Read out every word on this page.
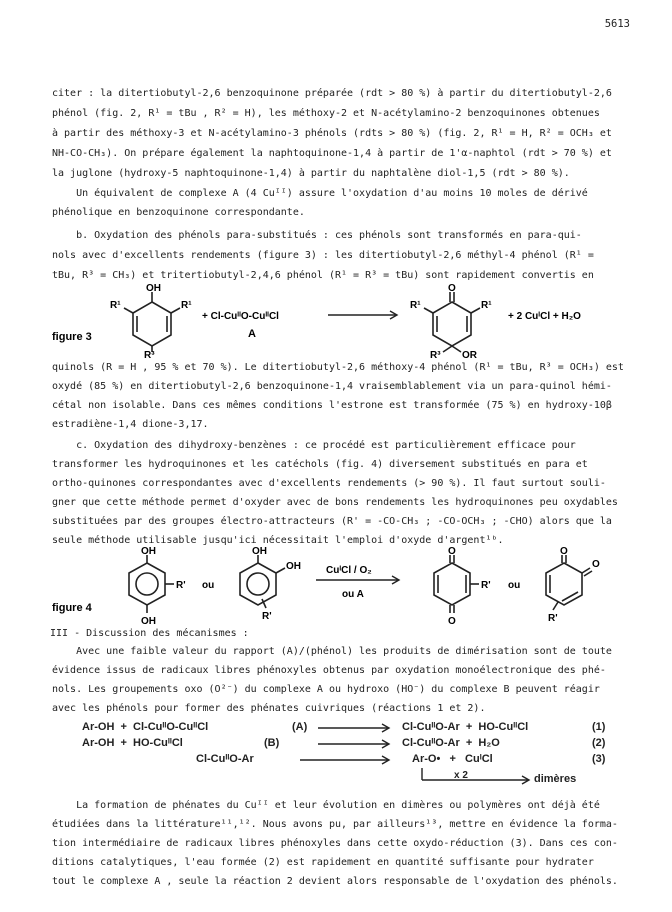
5613
citer : la ditertiobutyl-2,6 benzoquinone préparée (rdt > 80 %) à partir du ditertiobutyl-2,6
phénol (fig. 2, R¹ = tBu , R² = H), les méthoxy-2 et N-acétylamino-2 benzoquinones obtenues
à partir des méthoxy-3 et N-acétylamino-3 phénols (rdts > 80 %) (fig. 2, R¹ = H, R² = OCH₃ et
NH-CO-CH₃). On prépare également la naphtoquinone-1,4 à partir de 1'α-naphtol (rdt > 70 %) et
la juglone (hydroxy-5 naphtoquinone-1,4) à partir du naphtalène diol-1,5 (rdt > 80 %).
Un équivalent de complexe A (4 Cuᴵᴵ) assure l'oxydation d'au moins 10 moles de dérivé
phénolique en benzoquinone correspondante.
b. Oxydation des phénols para-substitués : ces phénols sont transformés en para-qui-
nols avec d'excellents rendements (figure 3) : les ditertiobutyl-2,6 méthyl-4 phénol (R¹ =
tBu, R³ = CH₃) et tritertiobutyl-2,4,6 phénol (R¹ = R³ = tBu) sont rapidement convertis en
OH
R¹	R¹
R³
figure 3
+ Cl-CuᴵᴵO-CuᴵᴵCl
A
O
R¹	R¹
R³ OR
+ 2 CuᴵCl + H₂O
quinols (R = H , 95 % et 70 %). Le ditertiobutyl-2,6 méthoxy-4 phénol (R¹ = tBu, R³ = OCH₃) est
oxydé (85 %) en ditertiobutyl-2,6 benzoquinone-1,4 vraisemblablement via un para-quinol hémi-
cétal non isolable. Dans ces mêmes conditions l'estrone est transformée (75 %) en hydroxy-10β
estradiène-1,4 dione-3,17.
c. Oxydation des dihydroxy-benzènes : ce procédé est particulièrement efficace pour
transformer les hydroquinones et les catéchols (fig. 4) diversement substitués en para et
ortho-quinones correspondantes avec d'excellents rendements (> 90 %). Il faut surtout souli-
gner que cette méthode permet d'oxyder avec de bons rendements les hydroquinones peu oxydables
substituées par des groupes électro-attracteurs (R' = -CO-CH₃ ; -CO-OCH₃ ; -CHO) alors que la
seule méthode utilisable jusqu'ici nécessitait l'emploi d'oxyde d'argent¹ᵇ.
OH
OH
R' ou
figure 4
OH
OH
R'
CuᴵCl / O₂
ou A
O
O
R' ou
O
O
R'
III - Discussion des mécanismes :
Avec une faible valeur du rapport (A)/(phénol) les produits de dimérisation sont de toute
évidence issus de radicaux libres phénoxyles obtenus par oxydation monoélectronique des phé-
nols. Les groupements oxo (O²⁻) du complexe A ou hydroxo (HO⁻) du complexe B peuvent réagir
avec les phénols pour former des phénates cuivriques (réactions 1 et 2).
Ar-OH  +  Cl-CuᴵᴵO-CuᴵᴵCl	(A)	Cl-CuᴵᴵO-Ar  +  HO-CuᴵᴵCl	(1)
Ar-OH  +  HO-CuᴵᴵCl	(B)	Cl-CuᴵᴵO-Ar  +  H₂O	(2)
Cl-CuᴵᴵO-Ar	Ar-O•   +   CuᴵCl	(3)
x 2	dimères
La formation de phénates du Cuᴵᴵ et leur évolution en dimères ou polymères ont déjà été
étudiées dans la littérature¹¹,¹². Nous avons pu, par ailleurs¹³, mettre en évidence la forma-
tion intermédiaire de radicaux libres phénoxyles dans cette oxydo-réduction (3). Dans ces con-
ditions catalytiques, l'eau formée (2) est rapidement en quantité suffisante pour hydrater
tout le complexe A , seule la réaction 2 devient alors responsable de l'oxydation des phénols.
